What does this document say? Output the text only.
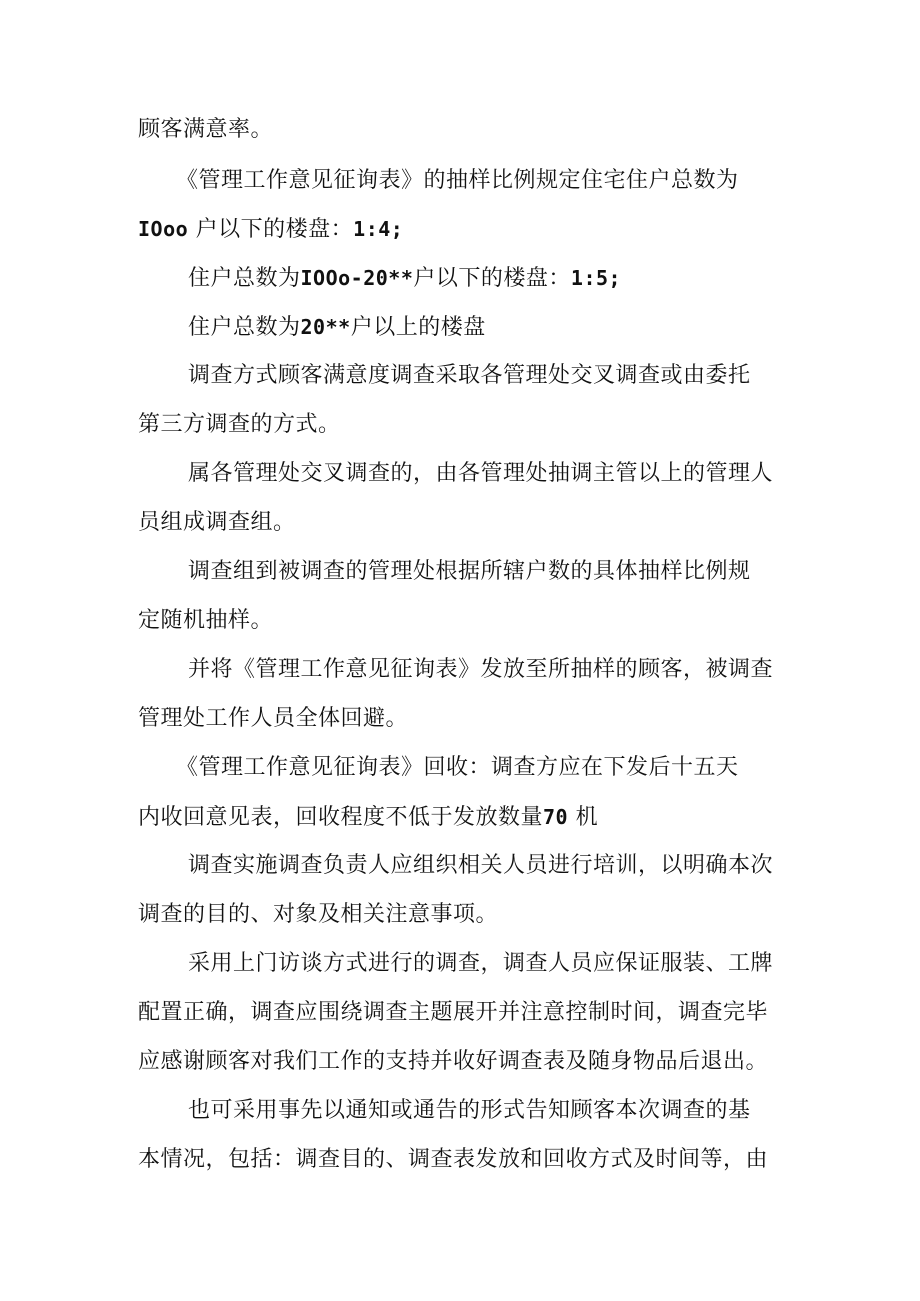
顾客满意率。
《管理工作意见征询表》的抽样比例规定住宅住户总数为
IOoo 户以下的楼盘：1:4;
住户总数为IOOo-20**户以下的楼盘：1:5;
住户总数为20**户以上的楼盘
调查方式顾客满意度调查采取各管理处交叉调查或由委托
第三方调查的方式。
属各管理处交叉调查的，由各管理处抽调主管以上的管理人
员组成调查组。
调查组到被调查的管理处根据所辖户数的具体抽样比例规
定随机抽样。
并将《管理工作意见征询表》发放至所抽样的顾客，被调查
管理处工作人员全体回避。
《管理工作意见征询表》回收：调查方应在下发后十五天
内收回意见表，回收程度不低于发放数量70 机
调查实施调查负责人应组织相关人员进行培训，以明确本次
调查的目的、对象及相关注意事项。
采用上门访谈方式进行的调查，调查人员应保证服装、工牌
配置正确，调查应围绕调查主题展开并注意控制时间，调查完毕
应感谢顾客对我们工作的支持并收好调查表及随身物品后退出。
也可采用事先以通知或通告的形式告知顾客本次调查的基
本情况，包括：调查目的、调查表发放和回收方式及时间等，由
